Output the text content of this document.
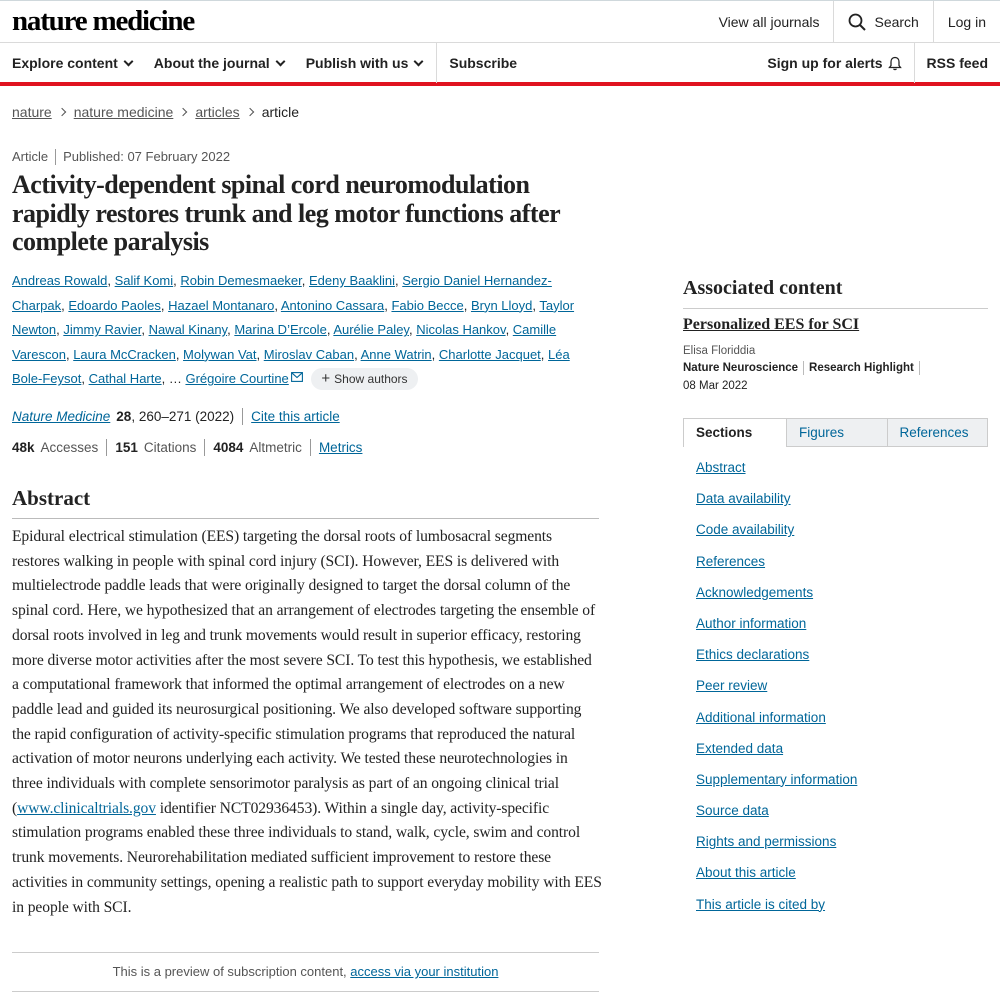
nature medicine	View all journals	Search	Log in
Explore content	About the journal	Publish with us	Subscribe	Sign up for alerts	RSS feed
nature nature medicine articles article
Article Published: 07 February 2022
Activity-dependent spinal cord neuromodulation rapidly restores trunk and leg motor functions after complete paralysis
Andreas Rowald, Salif Komi, Robin Demesmaeker, Edeny Baaklini, Sergio Daniel Hernandez-Charpak, Edoardo Paoles, Hazael Montanaro, Antonino Cassara, Fabio Becce, Bryn Lloyd, Taylor Newton, Jimmy Ravier, Nawal Kinany, Marina D’Ercole, Aurélie Paley, Nicolas Hankov, Camille Varescon, Laura McCracken, Molywan Vat, Miroslav Caban, Anne Watrin, Charlotte Jacquet, Léa Bole-Feysot, Cathal Harte, … Grégoire Courtine + Show authors
Nature Medicine 28 , 260–271 (2022) Cite this article
48k Accesses 151 Citations 4084 Altmetric Metrics
Abstract

Epidural electrical stimulation (EES) targeting the dorsal roots of lumbosacral segments restores walking in people with spinal cord injury (SCI). However, EES is delivered with multielectrode paddle leads that were originally designed to target the dorsal column of the spinal cord. Here, we hypothesized that an arrangement of electrodes targeting the ensemble of dorsal roots involved in leg and trunk movements would result in superior efficacy, restoring more diverse motor activities after the most severe SCI. To test this hypothesis, we established a computational framework that informed the optimal arrangement of electrodes on a new paddle lead and guided its neurosurgical positioning. We also developed software supporting the rapid configuration of activity-specific stimulation programs that reproduced the natural activation of motor neurons underlying each activity. We tested these neurotechnologies in three individuals with complete sensorimotor paralysis as part of an ongoing clinical trial (www.clinicaltrials.gov identifier NCT02936453). Within a single day, activity-specific stimulation programs enabled these three individuals to stand, walk, cycle, swim and control trunk movements. Neurorehabilitation mediated sufficient improvement to restore these activities in community settings, opening a realistic path to support everyday mobility with EES in people with SCI.

This is a preview of subscription content, access via your institution
Associated content
Personalized EES for SCI
Elisa Floriddia
Nature Neuroscience Research Highlight
08 Mar 2022
Sections	Figures	References
Abstract
Data availability
Code availability
References
Acknowledgements
Author information
Ethics declarations
Peer review
Additional information
Extended data
Supplementary information
Source data
Rights and permissions
About this article
This article is cited by
